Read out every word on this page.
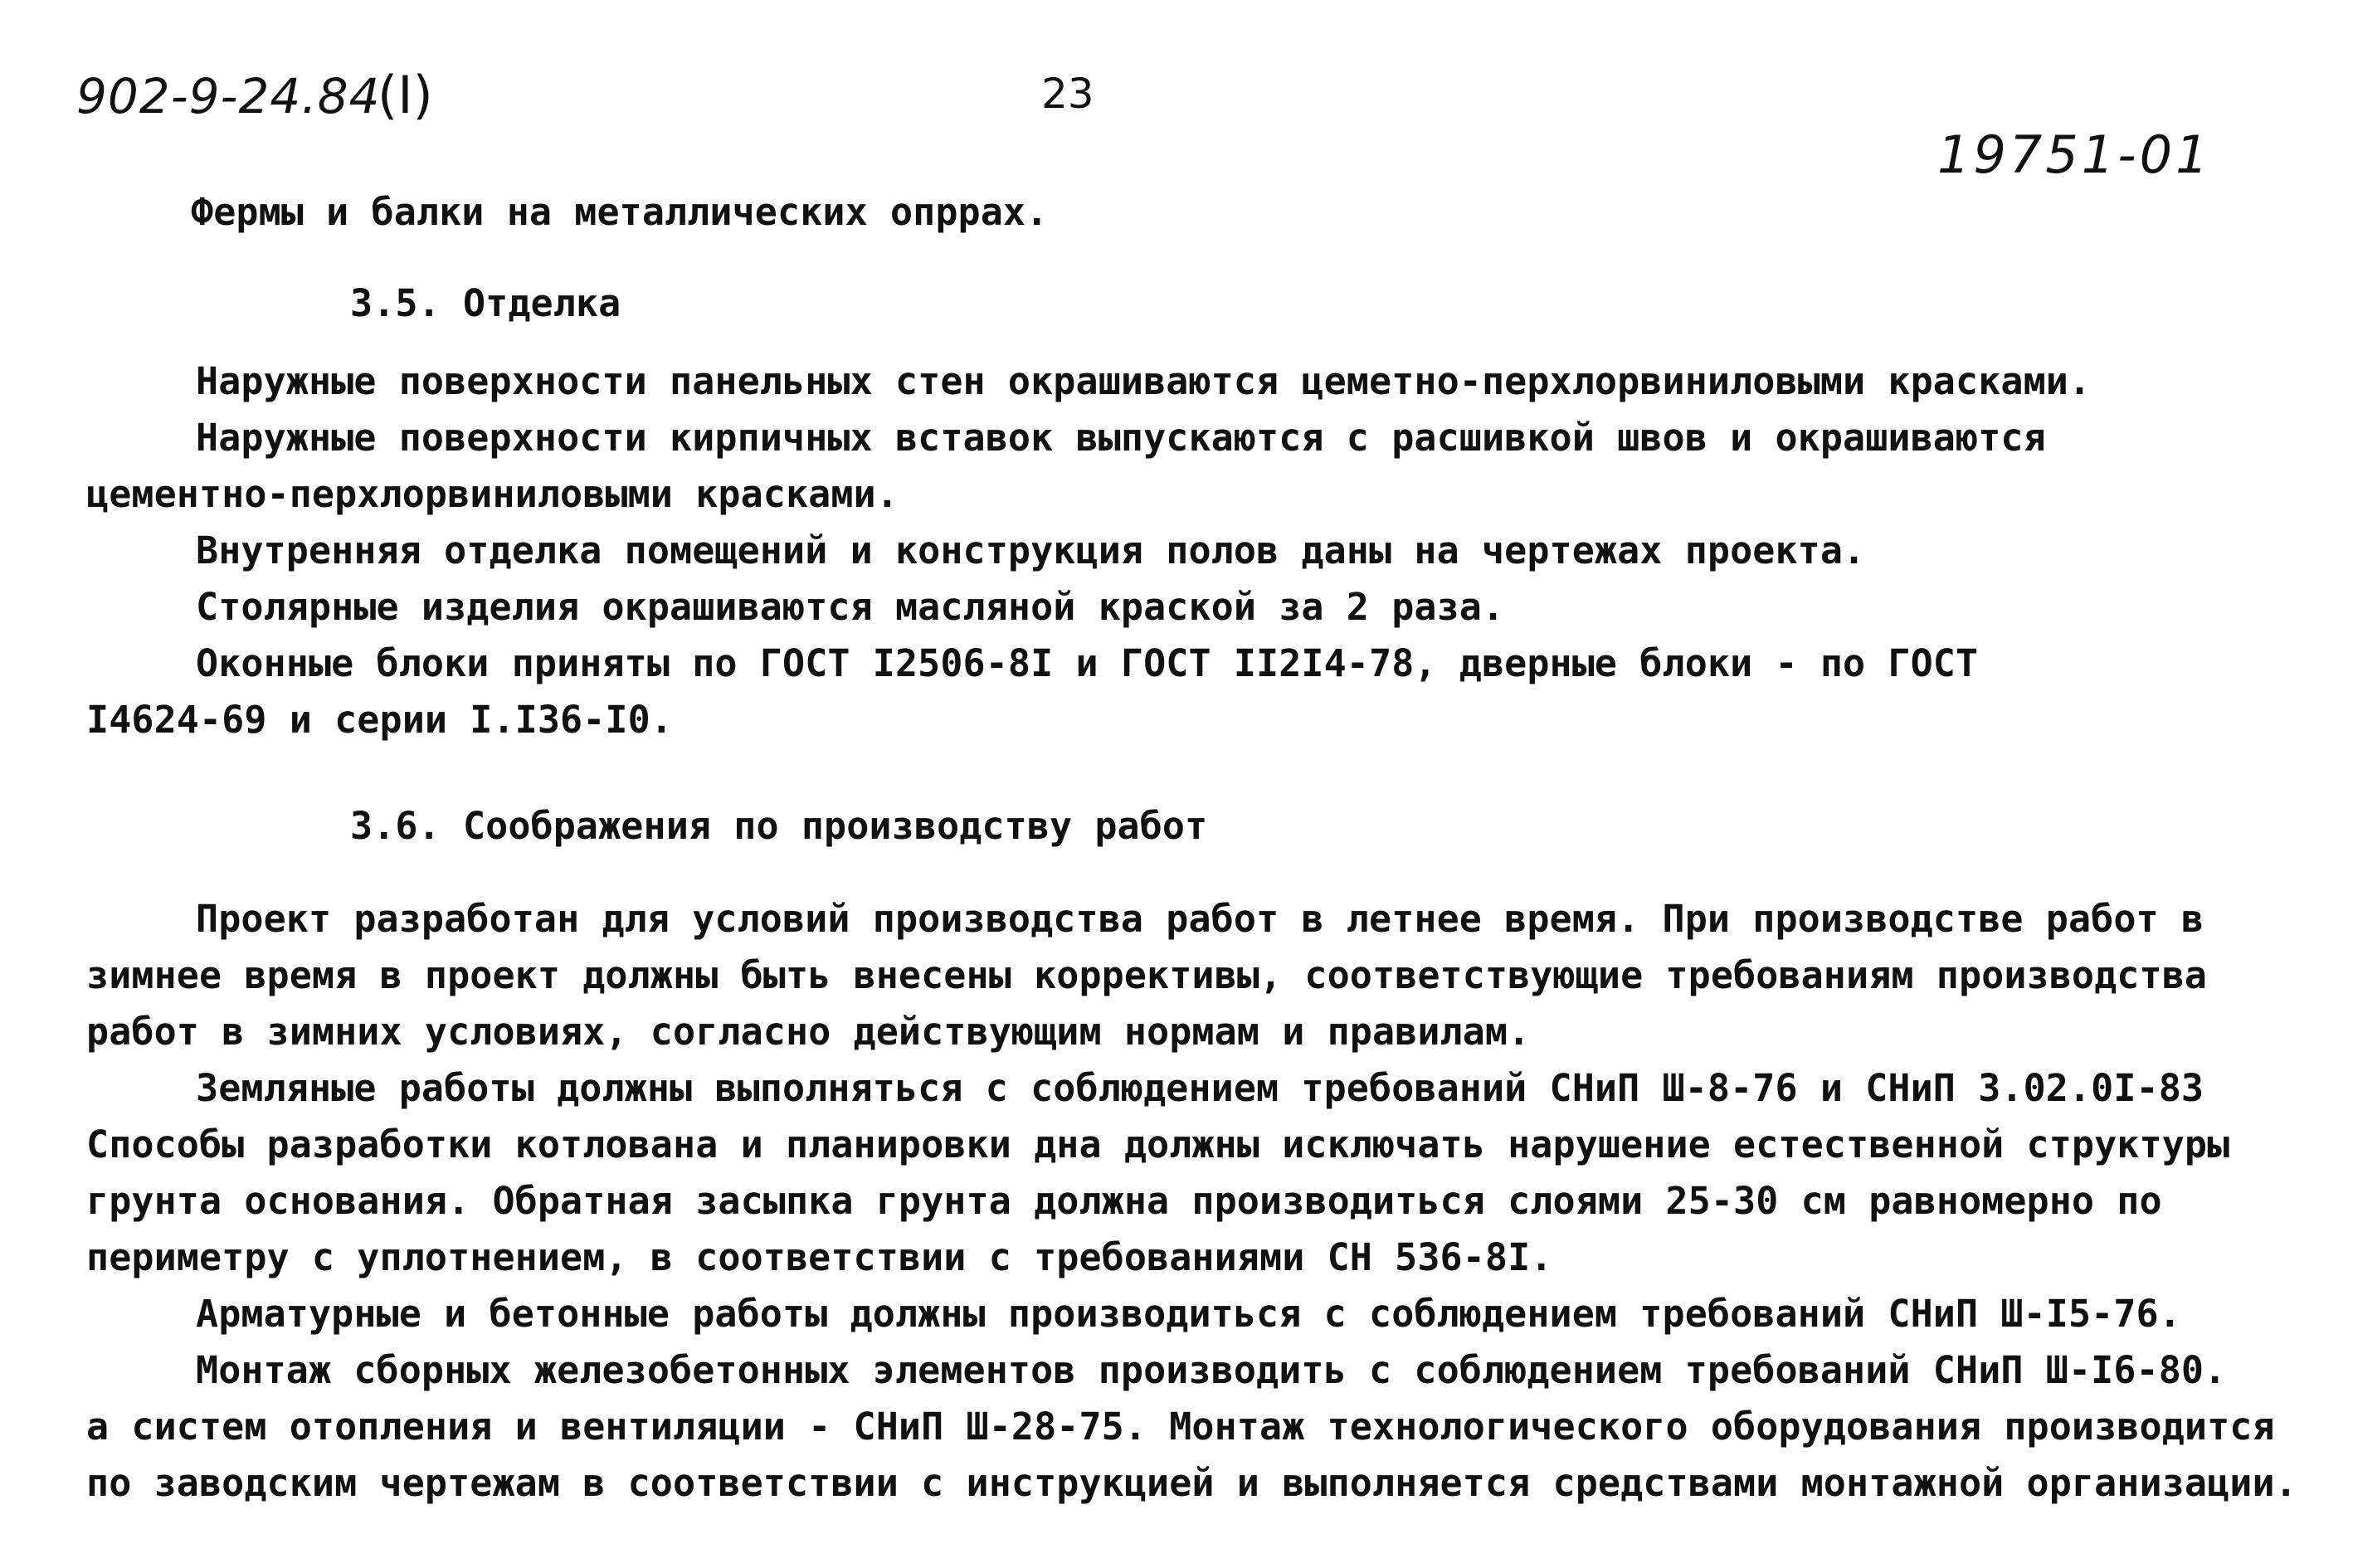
902-9-24.84
(I)	23
19751-01
Фермы и балки на металлических опррах.
3.5. Отделка
Наружные поверхности панельных стен окрашиваются цеметно-перхлорвиниловыми красками.
Наружные поверхности кирпичных вставок выпускаются с расшивкой швов и окрашиваются
цементно-перхлорвиниловыми красками.
Внутренняя отделка помещений и конструкция полов даны на чертежах проекта.
Столярные изделия окрашиваются масляной краской за 2 раза.
Оконные блоки приняты по ГОСТ I2506-8I и ГОСТ II2I4-78, дверные блоки - по ГОСТ
I4624-69 и серии I.I36-I0.
3.6. Соображения по производству работ
Проект разработан для условий производства работ в летнее время. При производстве работ в
зимнее время в проект должны быть внесены коррективы, соответствующие требованиям производства
работ в зимних условиях, согласно действующим нормам и правилам.
Земляные работы должны выполняться с соблюдением требований СНиП Ш-8-76 и СНиП 3.02.0I-83
Способы разработки котлована и планировки дна должны исключать нарушение естественной структуры
грунта основания. Обратная засыпка грунта должна производиться слоями 25-30 см равномерно по
периметру с уплотнением, в соответствии с требованиями СН 536-8I.
Арматурные и бетонные работы должны производиться с соблюдением требований СНиП Ш-I5-76.
Монтаж сборных железобетонных элементов производить с соблюдением требований СНиП Ш-I6-80.
а систем отопления и вентиляции - СНиП Ш-28-75. Монтаж технологического оборудования производится
по заводским чертежам в соответствии с инструкцией и выполняется средствами монтажной организации.
